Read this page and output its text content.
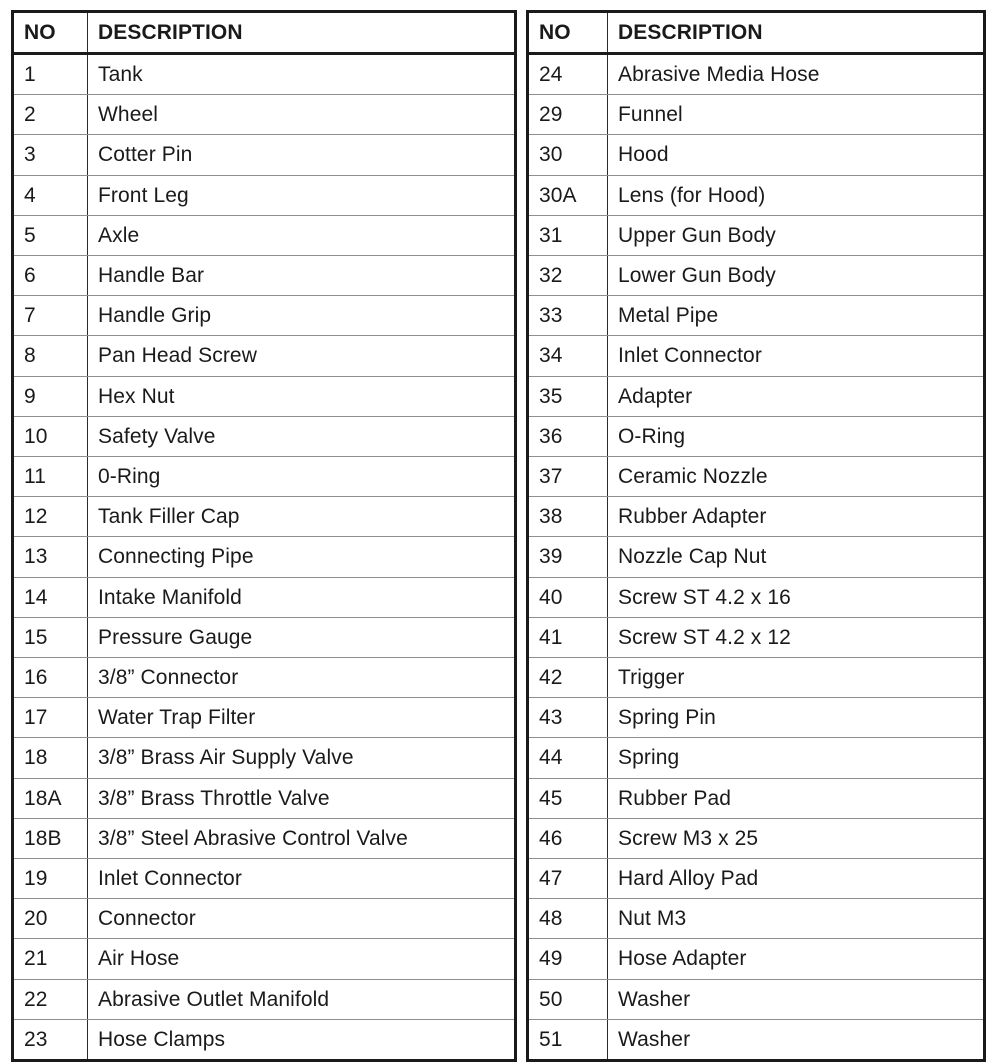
NO	DESCRIPTION
1	Tank
2	Wheel
3	Cotter Pin
4	Front Leg
5	Axle
6	Handle Bar
7	Handle Grip
8	Pan Head Screw
9	Hex Nut
10	Safety Valve
11	0-Ring
12	Tank Filler Cap
13	Connecting Pipe
14	Intake Manifold
15	Pressure Gauge
16	3/8” Connector
17	Water Trap Filter
18	3/8” Brass Air Supply Valve
18A	3/8” Brass Throttle Valve
18B	3/8” Steel Abrasive Control Valve
19	Inlet Connector
20	Connector
21	Air Hose
22	Abrasive Outlet Manifold
23	Hose Clamps
NO	DESCRIPTION
24	Abrasive Media Hose
29	Funnel
30	Hood
30A	Lens (for Hood)
31	Upper Gun Body
32	Lower Gun Body
33	Metal Pipe
34	Inlet Connector
35	Adapter
36	O-Ring
37	Ceramic Nozzle
38	Rubber Adapter
39	Nozzle Cap Nut
40	Screw ST 4.2 x 16
41	Screw ST 4.2 x 12
42	Trigger
43	Spring Pin
44	Spring
45	Rubber Pad
46	Screw M3 x 25
47	Hard Alloy Pad
48	Nut M3
49	Hose Adapter
50	Washer
51	Washer
